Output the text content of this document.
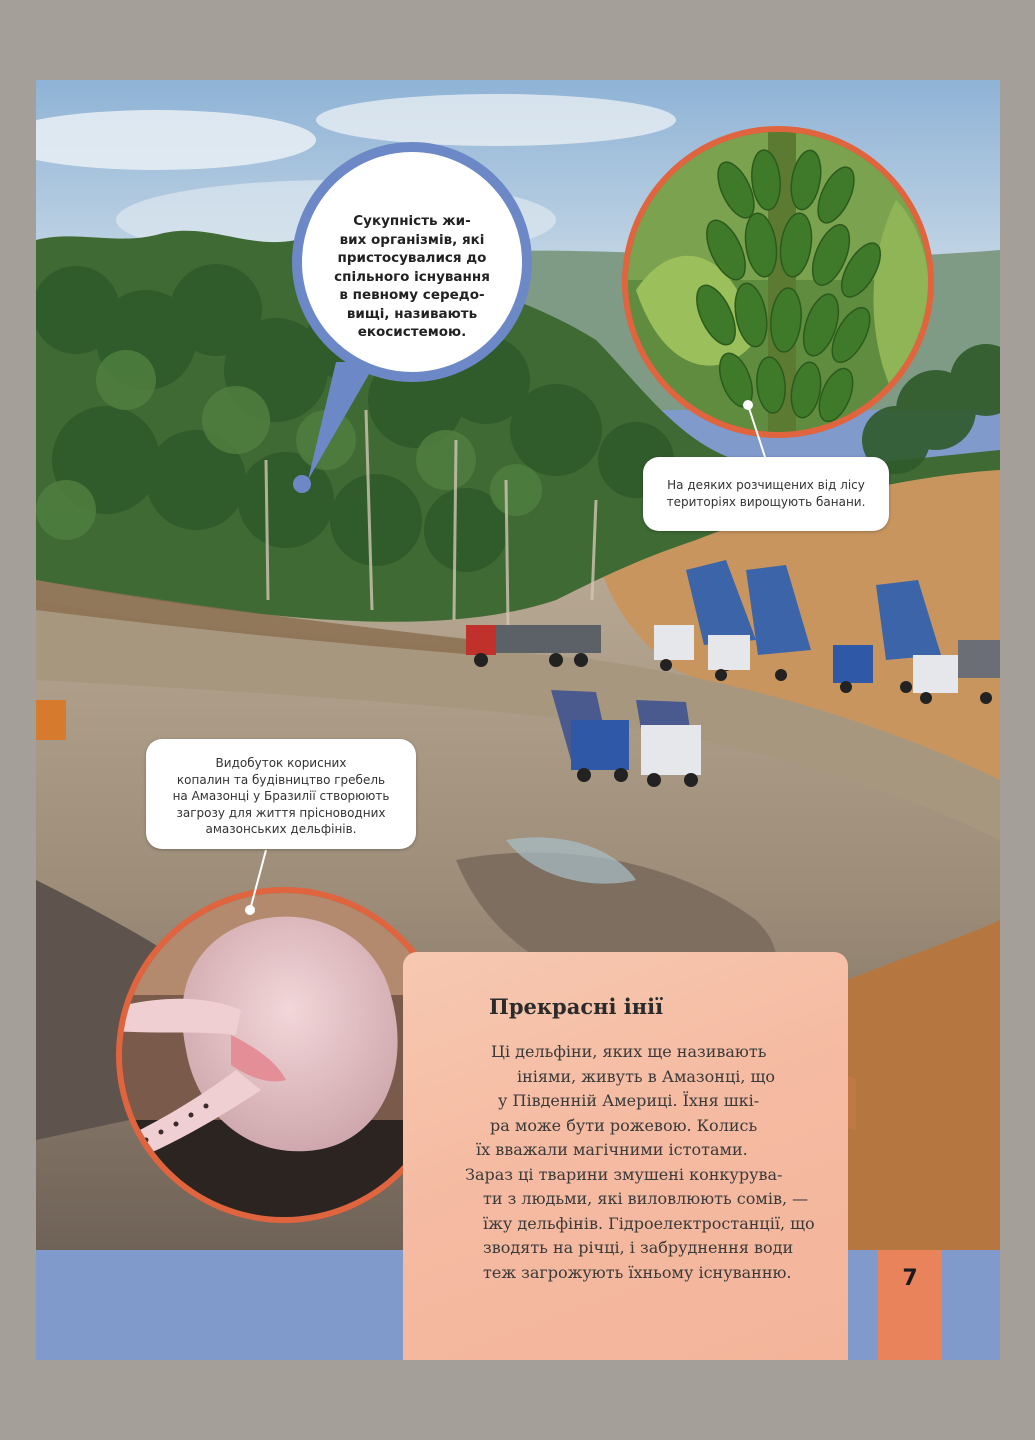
Сукупність жи-
вих організмів, які
пристосувалися до
спільного існування
в певному середо-
вищі, називають
екосистемою.
На деяких розчищених від лісу
територіях вирощують банани.
Видобуток корисних
копалин та будівництво гребель
на Амазонці у Бразилії створюють
загрозу для життя прісноводних
амазонських дельфінів.
7
Прекрасні інії
Ці дельфіни, яких ще називають
ініями, живуть в Амазонці, що
у Південній Америці. Їхня шкі-
ра може бути рожевою. Колись
їх вважали магічними істотами.
Зараз ці тварини змушені конкурува-
ти з людьми, які виловлюють сомів, —
їжу дельфінів. Гідроелектростанції, що
зводять на річці, і забруднення води
теж загрожують їхньому існуванню.
